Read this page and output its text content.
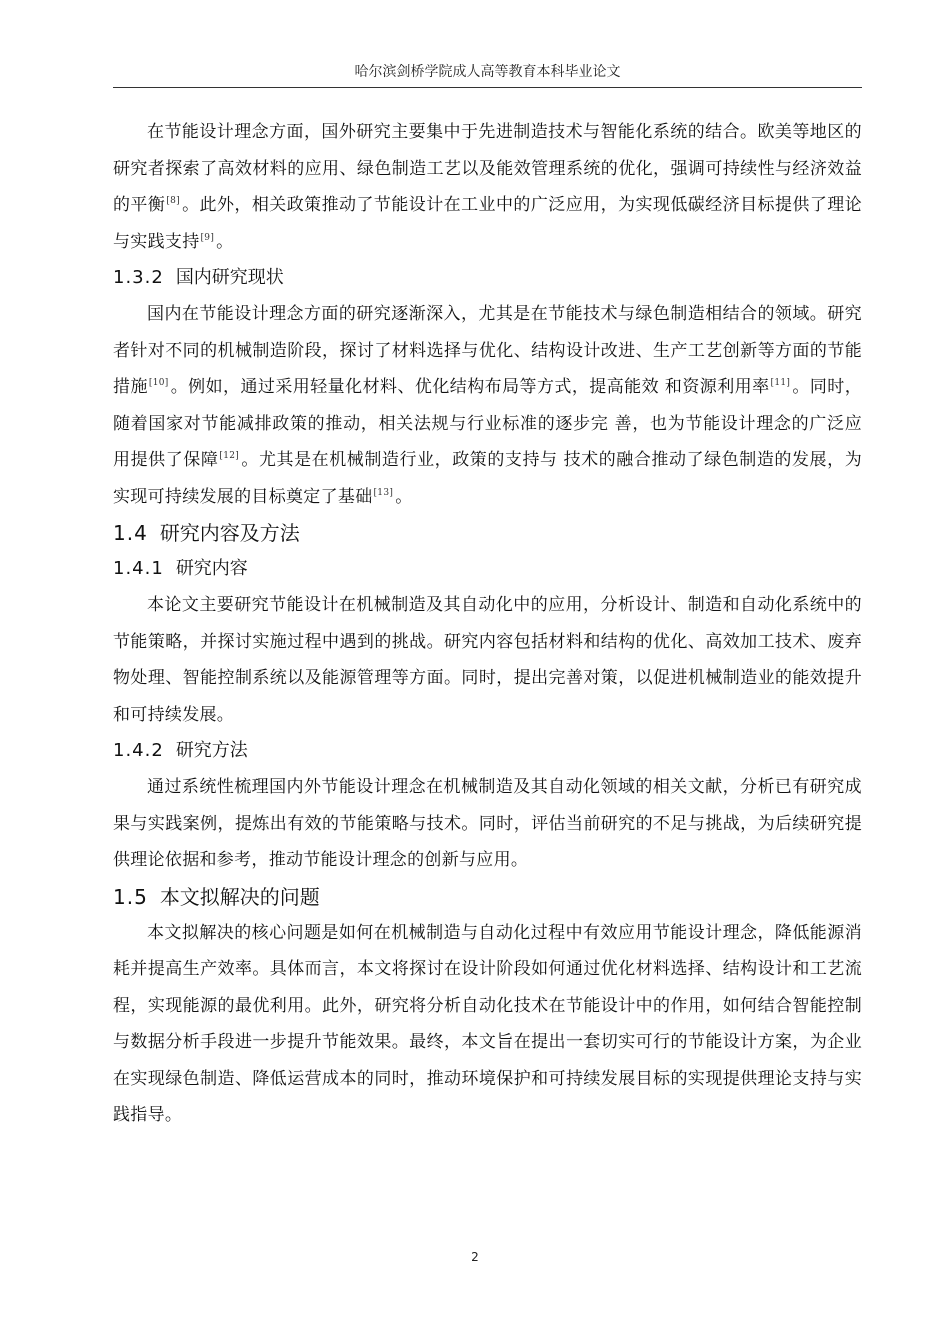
哈尔滨剑桥学院成人高等教育本科毕业论文

在节能设计理念方面，国外研究主要集中于先进制造技术与智能化系统的结合。欧美等地区的研究者探索了高效材料的应用、绿色制造工艺以及能效管理系统的优化，强调可持续性与经济效益的平衡[8] 。此外，相关政策推动了节能设计在工业中的广泛应用，为实现低碳经济目标提供了理论与实践支持[9] 。

1.3.2 国内研究现状

国内在节能设计理念方面的研究逐渐深入，尤其是在节能技术与绿色制造相结合的领域。研究者针对不同的机械制造阶段，探讨了材料选择与优化、结构设计改进、生产工艺创新等方面的节能措施[10] 。例如，通过采用轻量化材料、优化结构布局等方式，提高能效 和资源利用率[11] 。同时，随着国家对节能减排政策的推动，相关法规与行业标准的逐步完 善，也为节能设计理念的广泛应用提供了保障[12] 。尤其是在机械制造行业，政策的支持与 技术的融合推动了绿色制造的发展，为实现可持续发展的目标奠定了基础[13] 。

1.4 研究内容及方法
1.4.1 研究内容

本论文主要研究节能设计在机械制造及其自动化中的应用，分析设计、制造和自动化系统中的节能策略，并探讨实施过程中遇到的挑战。研究内容包括材料和结构的优化、高效加工技术、废弃物处理、智能控制系统以及能源管理等方面。同时，提出完善对策，以促进机械制造业的能效提升和可持续发展。

1.4.2 研究方法

通过系统性梳理国内外节能设计理念在机械制造及其自动化领域的相关文献，分析已有研究成果与实践案例，提炼出有效的节能策略与技术。同时，评估当前研究的不足与挑战，为后续研究提供理论依据和参考，推动节能设计理念的创新与应用。

1.5 本文拟解决的问题

本文拟解决的核心问题是如何在机械制造与自动化过程中有效应用节能设计理念，降低能源消耗并提高生产效率。具体而言，本文将探讨在设计阶段如何通过优化材料选择、结构设计和工艺流程，实现能源的最优利用。此外，研究将分析自动化技术在节能设计中的作用，如何结合智能控制与数据分析手段进一步提升节能效果。最终，本文旨在提出一套切实可行的节能设计方案，为企业在实现绿色制造、降低运营成本的同时，推动环境保护和可持续发展目标的实现提供理论支持与实践指导。

2
